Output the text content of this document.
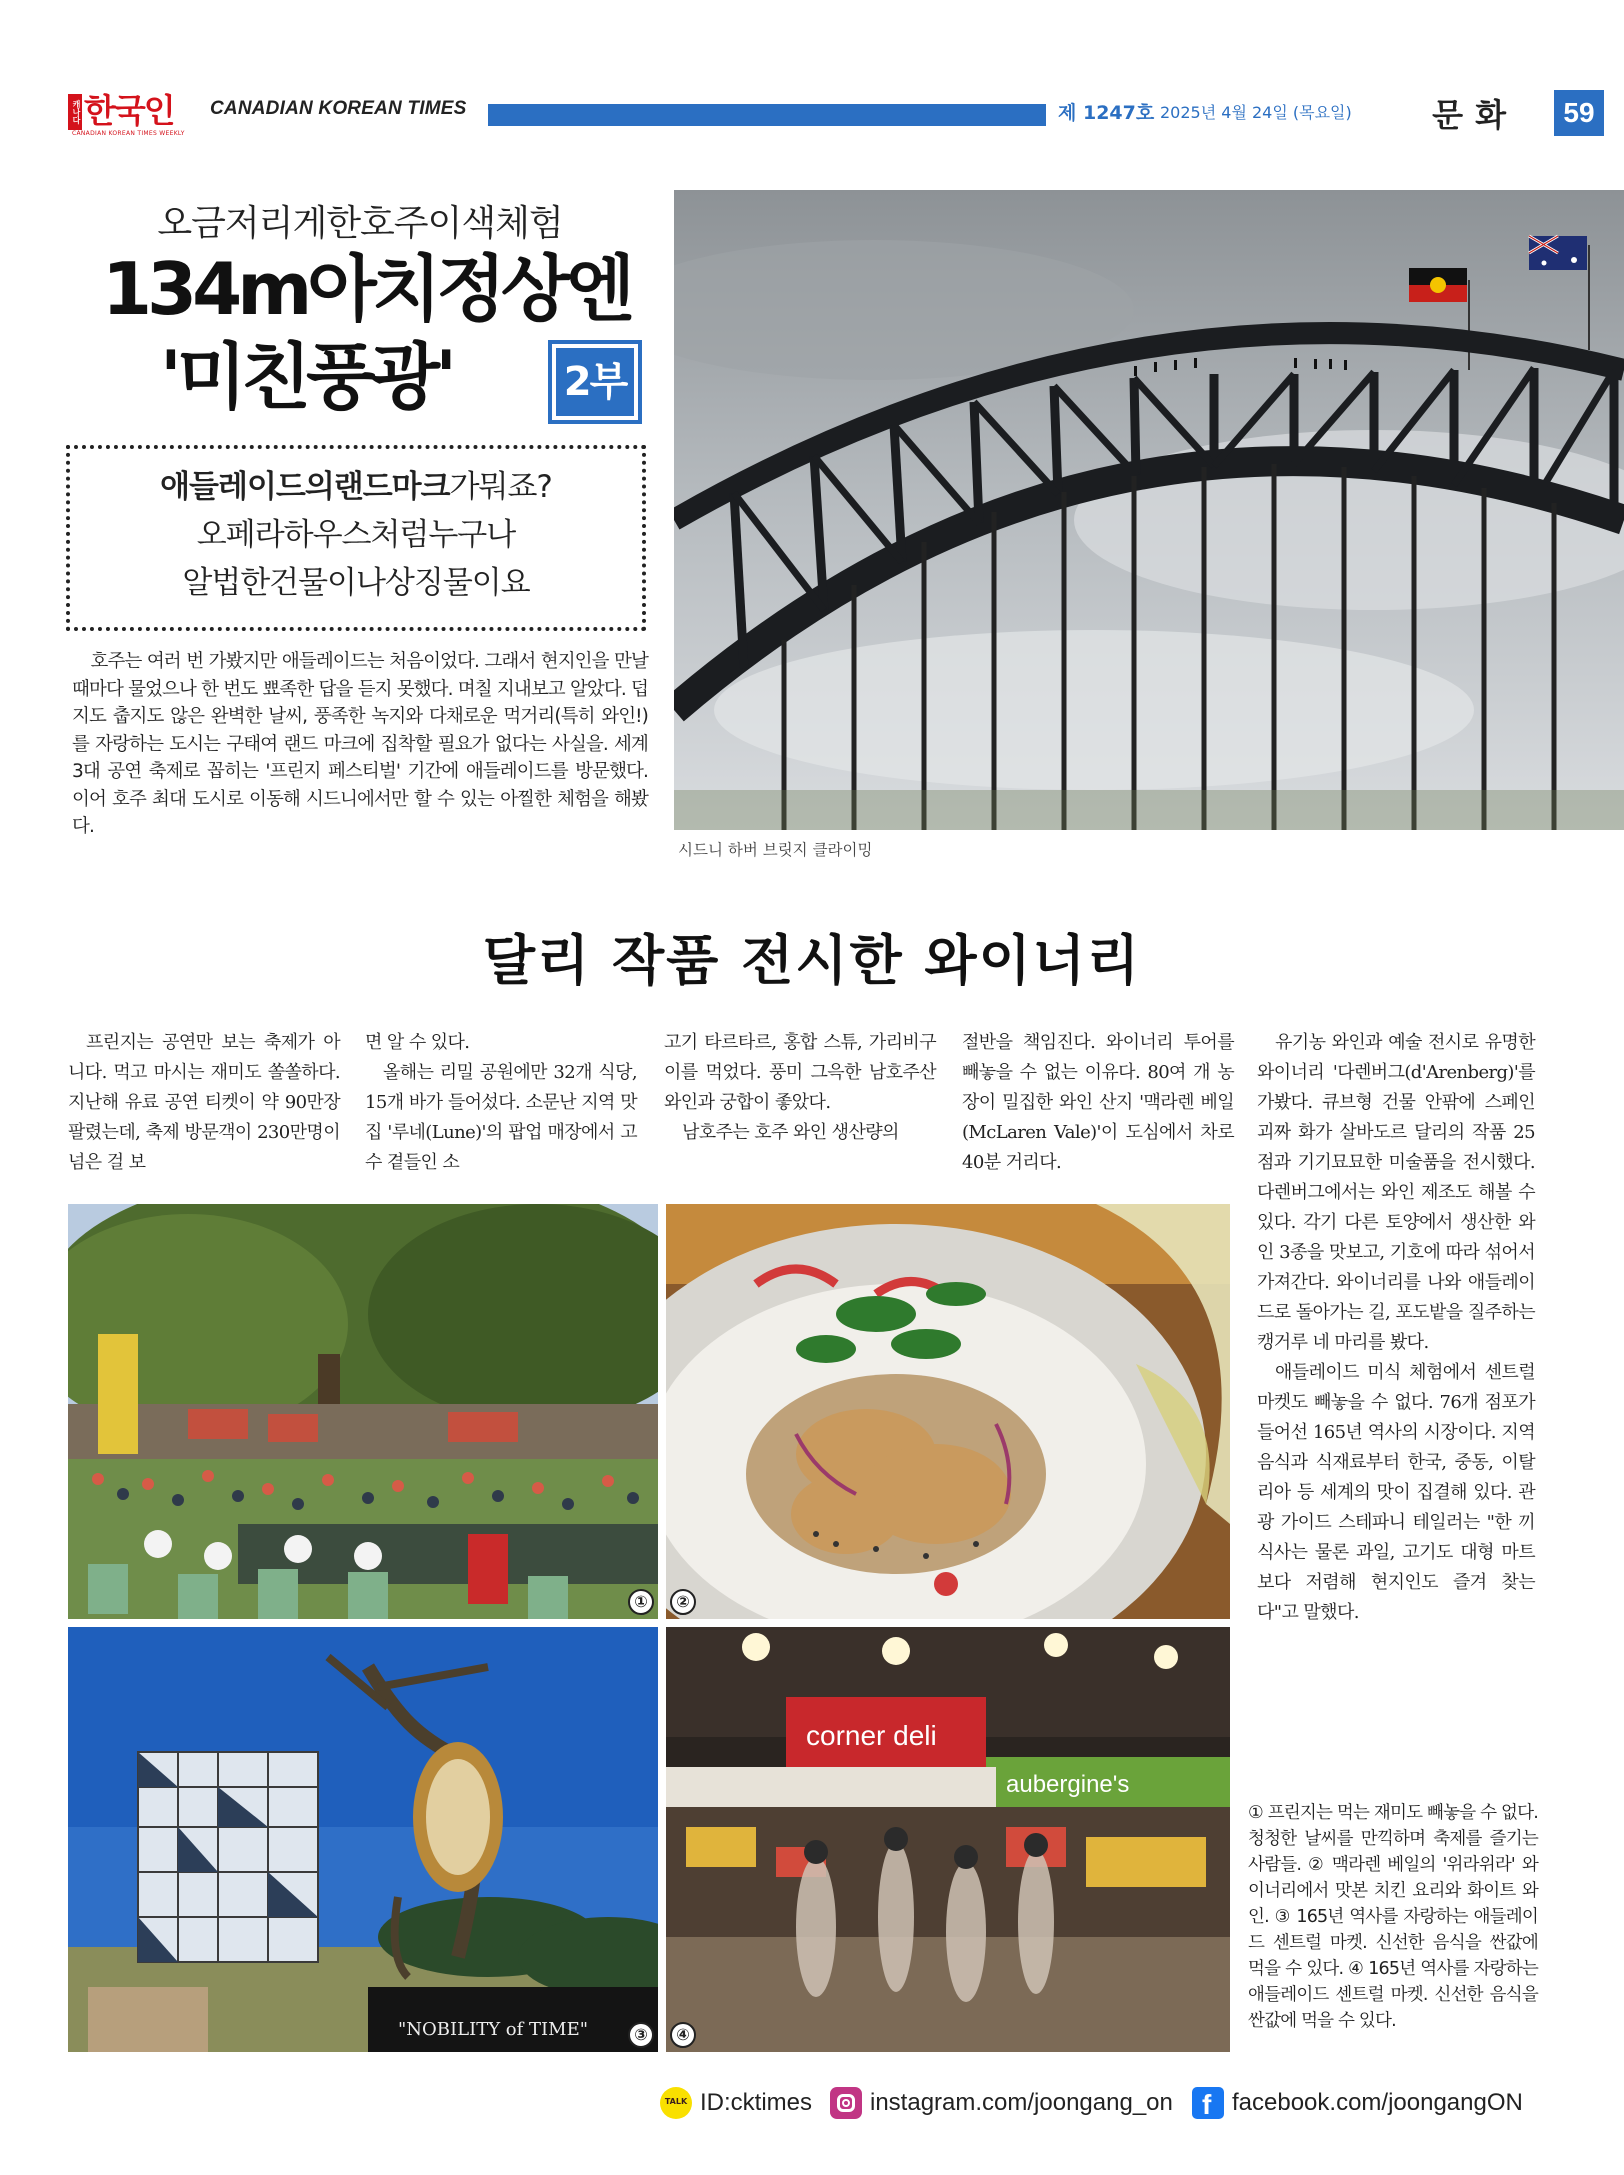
캐나다 한국인
CANADIAN KOREAN TIMES WEEKLY
CANADIAN KOREAN TIMES	제 1247호 2025년 4월 24일 (목요일)	문화	59
오금저리게한호주이색체험
134m아치정상엔
'미친풍광'	2부

애들레이드의랜드마크가뭐죠?

오페라하우스처럼누구나

알법한건물이나상징물이요

호주는 여러 번 가봤지만 애들레이드는 처음이었다. 그래서 현지인을 만날 때마다 물었으나 한 번도 뾰족한 답을 듣지 못했다. 며칠 지내보고 알았다. 덥지도 춥지도 않은 완벽한 날씨, 풍족한 녹지와 다채로운 먹거리(특히 와인!)를 자랑하는 도시는 구태여 랜드 마크에 집착할 필요가 없다는 사실을. 세계 3대 공연 축제로 꼽히는 '프린지 페스티벌' 기간에 애들레이드를 방문했다. 이어 호주 최대 도시로 이동해 시드니에서만 할 수 있는 아찔한 체험을 해봤다.

시드니 하버 브릿지 클라이밍
달리 작품 전시한 와이너리

프린지는 공연만 보는 축제가 아니다. 먹고 마시는 재미도 쏠쏠하다. 지난해 유료 공연 티켓이 약 90만장 팔렸는데, 축제 방문객이 230만명이 넘은 걸 보

면 알 수 있다.

올해는 리밀 공원에만 32개 식당, 15개 바가 들어섰다. 소문난 지역 맛집 '루네(Lune)'의 팝업 매장에서 고수 곁들인 소

고기 타르타르, 홍합 스튜, 가리비구이를 먹었다. 풍미 그윽한 남호주산 와인과 궁합이 좋았다.

남호주는 호주 와인 생산량의

절반을 책임진다. 와이너리 투어를 빼놓을 수 없는 이유다. 80여 개 농장이 밀집한 와인 산지 '맥라렌 베일(McLaren Vale)'이 도심에서 차로 40분 거리다.

유기농 와인과 예술 전시로 유명한 와이너리 '다렌버그(d'Arenberg)'를 가봤다. 큐브형 건물 안팎에 스페인 괴짜 화가 살바도르 달리의 작품 25점과 기기묘묘한 미술품을 전시했다. 다렌버그에서는 와인 제조도 해볼 수 있다. 각기 다른 토양에서 생산한 와인 3종을 맛보고, 기호에 따라 섞어서 가져간다. 와이너리를 나와 애들레이드로 돌아가는 길, 포도밭을 질주하는 캥거루 네 마리를 봤다.

애들레이드 미식 체험에서 센트럴 마켓도 빼놓을 수 없다. 76개 점포가 들어선 165년 역사의 시장이다. 지역 음식과 식재료부터 한국, 중동, 이탈리아 등 세계의 맛이 집결해 있다. 관광 가이드 스테파니 테일러는 "한 끼 식사는 물론 과일, 고기도 대형 마트보다 저렴해 현지인도 즐겨 찾는다"고 말했다.

①	②
"NOBILITY of TIME"	③
corner deli
aubergine's
④

① 프린지는 먹는 재미도 빼놓을 수 없다. 청청한 날씨를 만끽하며 축제를 즐기는 사람들. ② 맥라렌 베일의 '위라위라' 와이너리에서 맛본 치킨 요리와 화이트 와인. ③ 165년 역사를 자랑하는 애들레이드 센트럴 마켓. 신선한 음식을 싼값에 먹을 수 있다. ④ 165년 역사를 자랑하는 애들레이드 센트럴 마켓. 신선한 음식을 싼값에 먹을 수 있다.

TALK ID:cktimes instagram.com/joongang_on f facebook.com/joongangON
